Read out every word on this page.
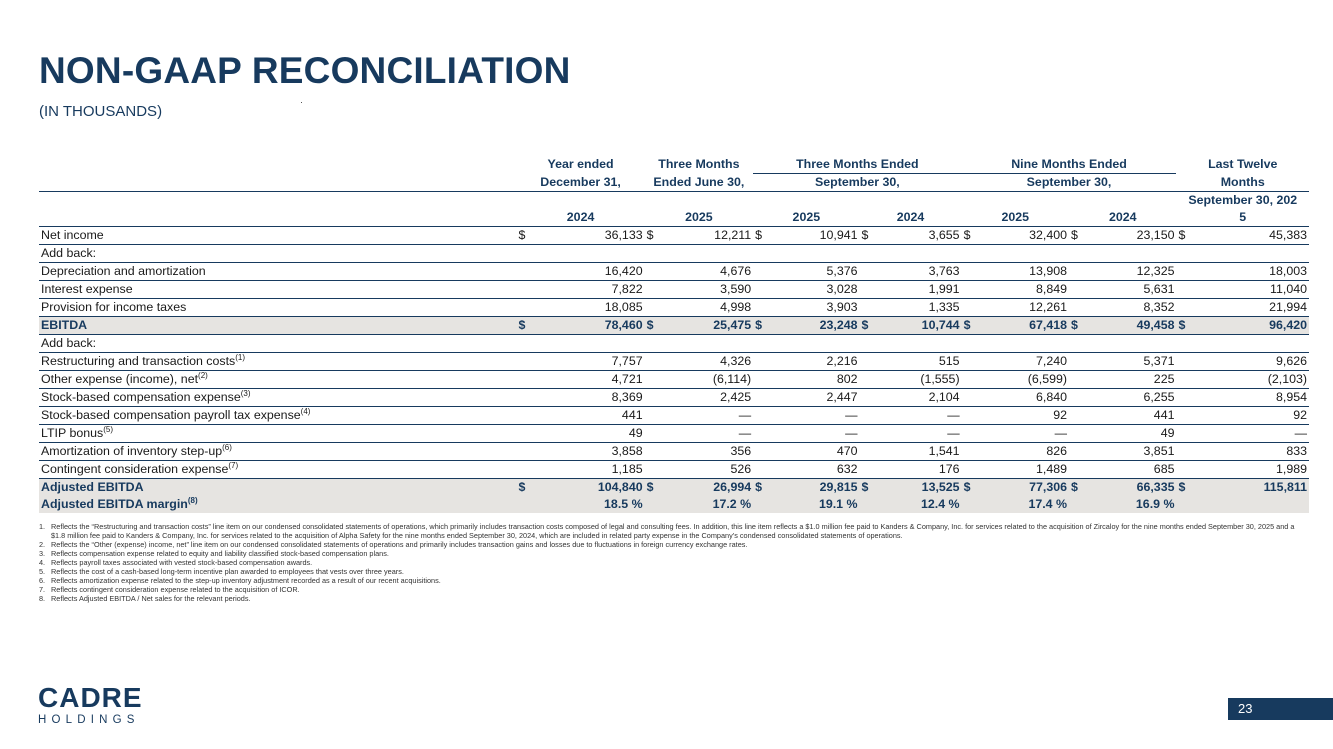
NON-GAAP RECONCILIATION
(IN THOUSANDS)
	Year ended		Three Months		Three Months Ended				Nine Months Ended				Last Twelve	
	December 31,		Ended June 30,		September 30,				September 30,				Months	
	2024		2025		2025		2024		2025		2024		September 30, 202
5	
Net income	$	36,133	$	12,211	$	10,941	$	3,655	$	32,400	$	23,150	$	45,383
Add back:														
Depreciation and amortization		16,420		4,676		5,376		3,763		13,908		12,325		18,003
Interest expense		7,822		3,590		3,028		1,991		8,849		5,631		11,040
Provision for income taxes		18,085		4,998		3,903		1,335		12,261		8,352		21,994
EBITDA	$	78,460	$	25,475	$	23,248	$	10,744	$	67,418	$	49,458	$	96,420
Add back:														
Restructuring and transaction costs$^{(1)}$		7,757		4,326		2,216		515		7,240		5,371		9,626
Other expense (income), net$^{(2)}$		4,721		(6,114)		802		(1,555)		(6,599)		225		(2,103)
Stock-based compensation expense$^{(3)}$		8,369		2,425		2,447		2,104		6,840		6,255		8,954
Stock-based compensation payroll tax expense$^{(4)}$		441		—		—		—		92		441		92
LTIP bonus$^{(5)}$		49		—		—		—		—		49		—
Amortization of inventory step-$up^{(6)}$		3,858		356		470		1,541		826		3,851		833
Contingent consideration expense$^{(7)}$		1,185		526		632		176		1,489		685		1,989
Adjusted EBITDA	$	104,840	$	26,994	$	29,815	$	13,525	$	77,306	$	66,335	$	115,811
Adjusted EBITDA margin$^{(8)}$		18.5 %		17.2 %		19.1 %		12.4 %		17.4 %		16.9 %		
1. Reflects the “Restructuring and transaction costs” line item on our condensed consolidated statements of operations, which primarily includes transaction costs composed of legal and consulting fees. In addition, this line item reflects a $1.0 million fee paid to Kanders & Company, Inc. for services related to the acquisition of Zircaloy for the nine months ended September 30, 2025 and a $1.8 million fee paid to Kanders & Company, Inc. for services related to the acquisition of Alpha Safety for the nine months ended September 30, 2024, which are included in related party expense in the Company’s condensed consolidated statements of operations.
2. Reflects the “Other (expense) income, net” line item on our condensed consolidated statements of operations and primarily includes transaction gains and losses due to fluctuations in foreign currency exchange rates.
3. Reflects compensation expense related to equity and liability classified stock-based compensation plans.
4. Reflects payroll taxes associated with vested stock-based compensation awards.
5. Reflects the cost of a cash-based long-term incentive plan awarded to employees that vests over three years.
6. Reflects amortization expense related to the step-up inventory adjustment recorded as a result of our recent acquisitions.
7. Reflects contingent consideration expense related to the acquisition of ICOR.
8. Reflects Adjusted EBITDA / Net sales for the relevant periods.
CADRE
HOLDINGS
23
